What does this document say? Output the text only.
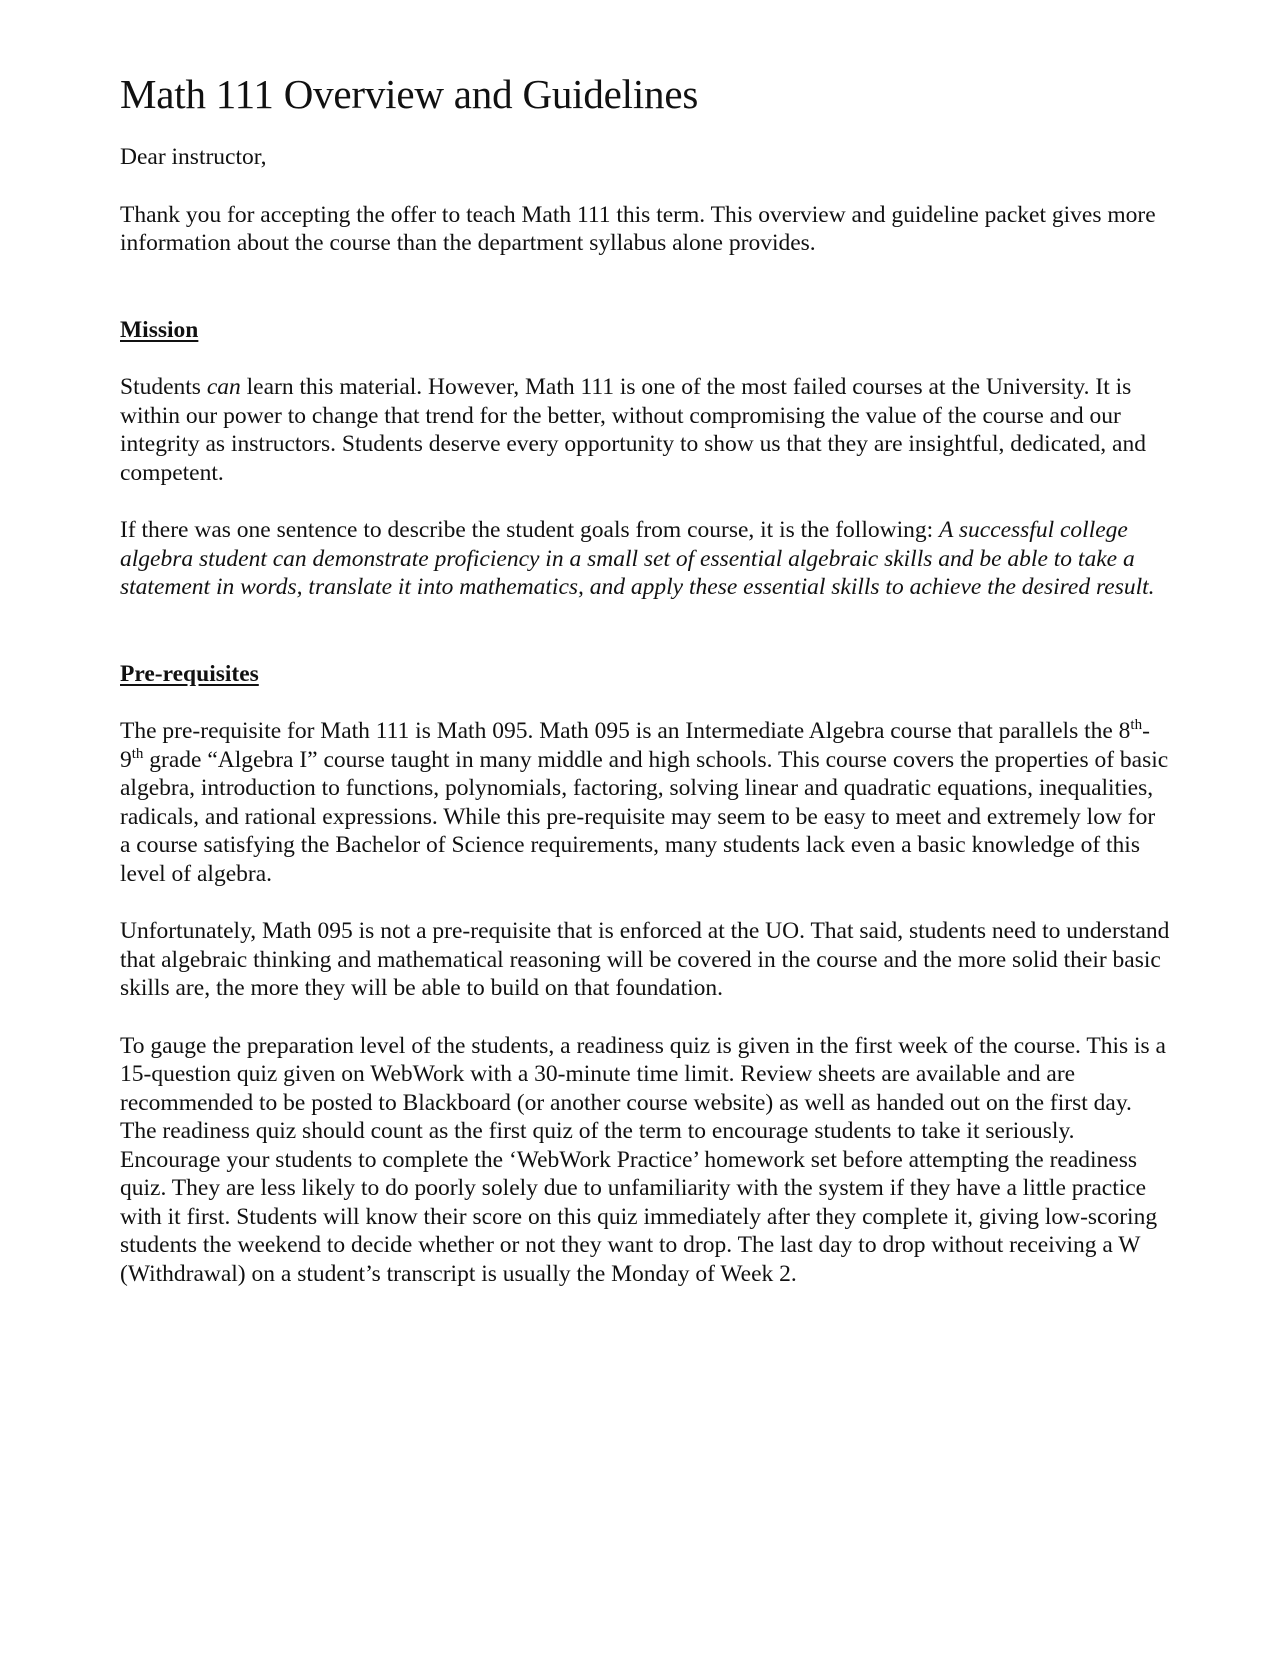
Math 111 Overview and Guidelines

Dear instructor,

Thank you for accepting the offer to teach Math 111 this term. This overview and guideline packet gives more information about the course than the department syllabus alone provides.

Mission

Students can learn this material. However, Math 111 is one of the most failed courses at the University. It is within our power to change that trend for the better, without compromising the value of the course and our integrity as instructors. Students deserve every opportunity to show us that they are insightful, dedicated, and competent.

If there was one sentence to describe the student goals from course, it is the following: A successful college algebra student can demonstrate proficiency in a small set of essential algebraic skills and be able to take a statement in words, translate it into mathematics, and apply these essential skills to achieve the desired result.

Pre-requisites

The pre-requisite for Math 111 is Math 095. Math 095 is an Intermediate Algebra course that parallels the 8th-9th grade “Algebra I” course taught in many middle and high schools. This course covers the properties of basic algebra, introduction to functions, polynomials, factoring, solving linear and quadratic equations, inequalities, radicals, and rational expressions. While this pre-requisite may seem to be easy to meet and extremely low for a course satisfying the Bachelor of Science requirements, many students lack even a basic knowledge of this level of algebra.

Unfortunately, Math 095 is not a pre-requisite that is enforced at the UO. That said, students need to understand that algebraic thinking and mathematical reasoning will be covered in the course and the more solid their basic skills are, the more they will be able to build on that foundation.

To gauge the preparation level of the students, a readiness quiz is given in the first week of the course. This is a 15-question quiz given on WebWork with a 30-minute time limit. Review sheets are available and are recommended to be posted to Blackboard (or another course website) as well as handed out on the first day. The readiness quiz should count as the first quiz of the term to encourage students to take it seriously. Encourage your students to complete the ‘WebWork Practice’ homework set before attempting the readiness quiz. They are less likely to do poorly solely due to unfamiliarity with the system if they have a little practice with it first. Students will know their score on this quiz immediately after they complete it, giving low-scoring students the weekend to decide whether or not they want to drop. The last day to drop without receiving a W (Withdrawal) on a student’s transcript is usually the Monday of Week 2.
